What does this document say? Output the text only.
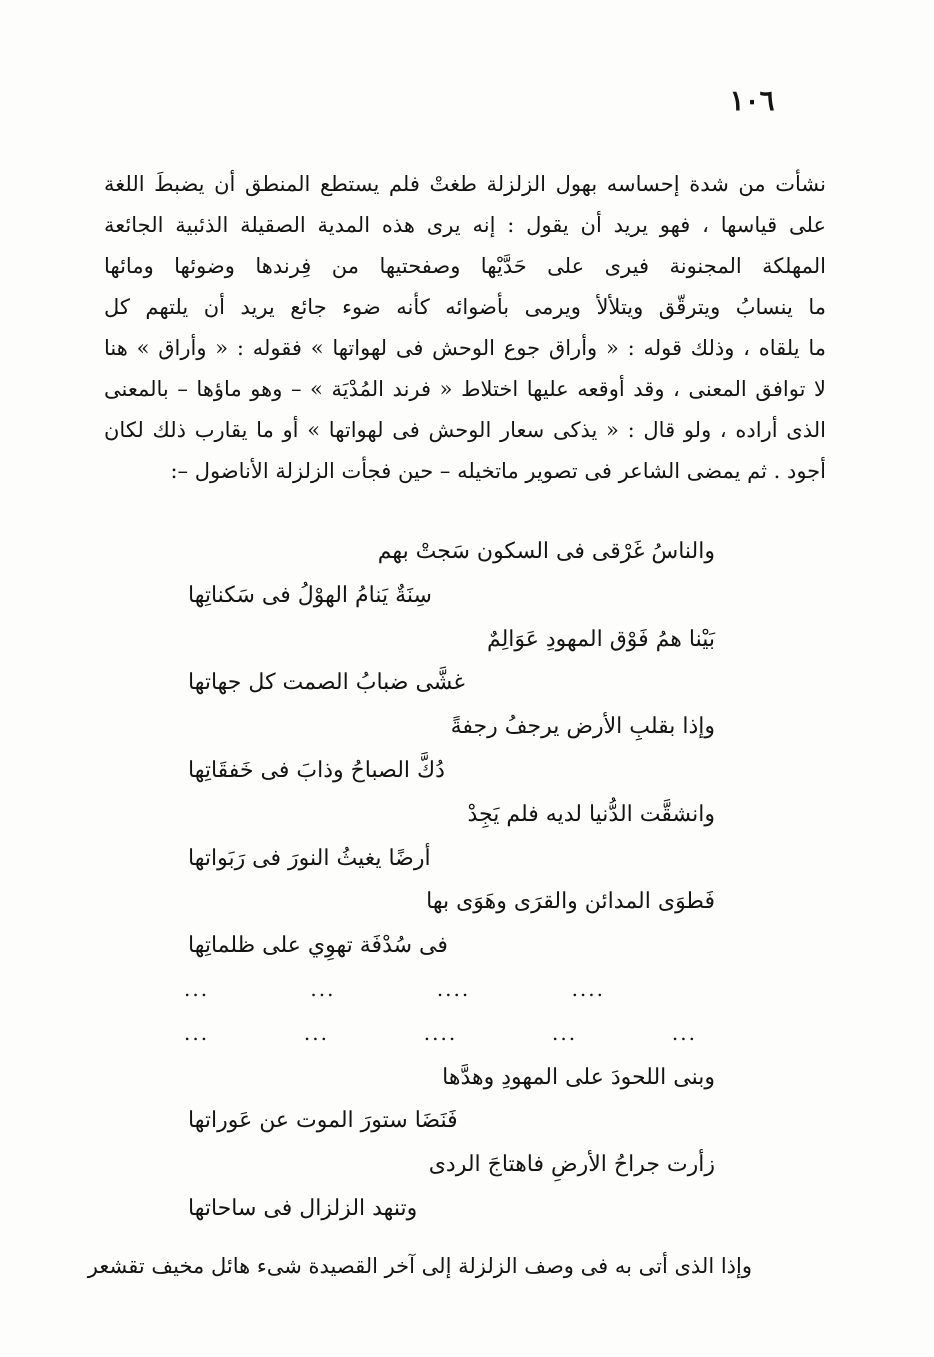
١٠٦
نشأت من شدة إحساسه بهول الزلزلة طغتْ فلم يستطع المنطق أن يضبطَ اللغة
على قياسها ، فهو يريد أن يقول : إنه يرى هذه المدية الصقيلة الذئبية الجائعة
المهلكة المجنونة فيرى على حَدَّيْها وصفحتيها من فِرندها وضوئها ومائها
ما ينسابُ ويترقّق ويتلألأ ويرمى بأضوائه كأنه ضوء جائع يريد أن يلتهم كل
ما يلقاه ، وذلك قوله : « وأراق جوع الوحش فى لهواتها » فقوله : « وأراق » هنا
لا توافق المعنى ، وقد أوقعه عليها اختلاط « فرند المُدْيَة » – وهو ماؤها – بالمعنى
الذى أراده ، ولو قال : « يذكى سعار الوحش فى لهواتها » أو ما يقارب ذلك لكان
أجود . ثم يمضى الشاعر فى تصوير ماتخيله – حين فجأت الزلزلة الأناضول –:
والناسُ غَرْقى فى السكون سَجتْ بهم
سِنَةٌ يَنامُ الهوْلُ فى سَكناتِها
بَيْنا همُ فَوْق المهودِ عَوَالِمٌ
غشَّى ضبابُ الصمت كل جهاتها
وإذا بقلبِ الأرض يرجفُ رجفةً
دُكَّ الصباحُ وذابَ فى خَفقَاتِها
وانشقَّت الدُّنيا لديه فلم يَجِدْ
أرضًا يغيثُ النورَ فى رَبَواتها
فَطوَى المدائن والقرَى وهَوَى بها
فى سُدْفَة تهوِي على ظلماتِها
....
....
...
...
...
...
....
...
...
وبنى اللحودَ على المهودِ وهدَّها
فَنَضَا ستورَ الموت عن عَوراتها
زأرت جراحُ الأرضِ فاهتاجَ الردى
وتنهد الزلزال فى ساحاتها
وإذا الذى أتى به فى وصف الزلزلة إلى آخر القصيدة شىء هائل مخيف تقشعر
